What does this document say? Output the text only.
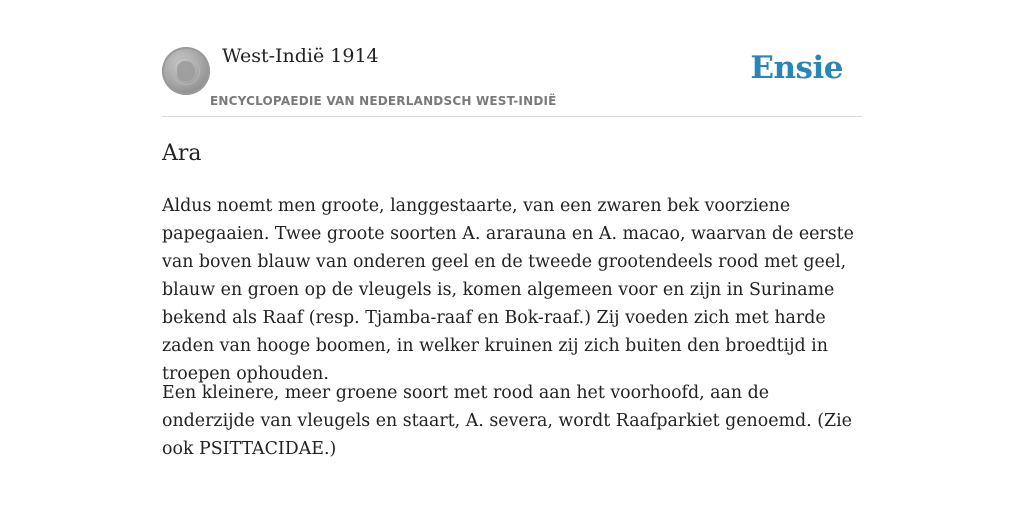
West-Indië 1914
ENCYCLOPAEDIE VAN NEDERLANDSCH WEST-INDIË
Ensie
Ara

Aldus noemt men groote, langgestaarte, van een zwaren bek voorziene papegaaien. Twee groote soorten A. ararauna en A. macao, waarvan de eerste van boven blauw van onderen geel en de tweede grootendeels rood met geel, blauw en groen op de vleugels is, komen algemeen voor en zijn in Suriname bekend als Raaf (resp. Tjamba-raaf en Bok-raaf.) Zij voeden zich met harde zaden van hooge boomen, in welker kruinen zij zich buiten den broedtijd in troepen ophouden.

Een kleinere, meer groene soort met rood aan het voorhoofd, aan de onderzijde van vleugels en staart, A. severa, wordt Raafparkiet genoemd. (Zie ook PSITTACIDAE.)
